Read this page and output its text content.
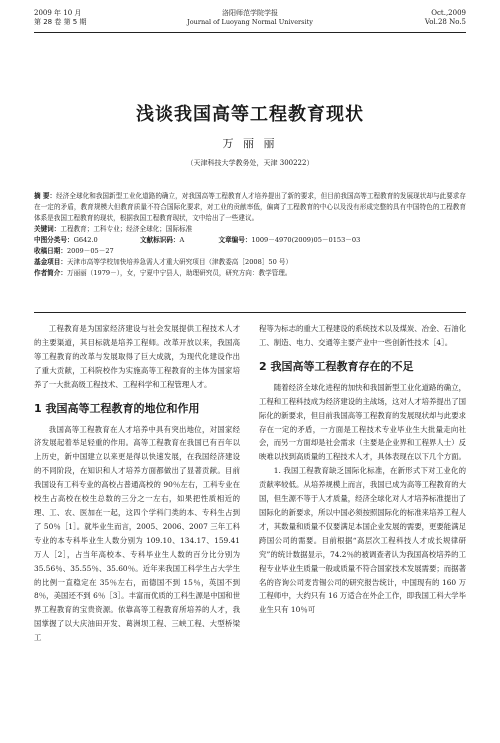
2009 年 10 月
第 28 卷 第 5 期
洛阳师范学院学报
Journal of Luoyang Normal University
Oct.,2009
Vol.28 No.5
浅谈我国高等工程教育现状
万 丽 丽
（天津科技大学教务处，天津 300222）

摘 要：经济全球化和我国新型工业化道路的确立，对我国高等工程教育人才培养提出了新的要求，但目前我国高等工程教育的发展现状却与此要求存在一定的矛盾，教育规模大但教育质量不符合国际化要求，对工业的贡献率低，偏离了工程教育的中心以及没有形成完整的具有中国特色的工程教育体系是我国工程教育的现状，根据我国工程教育现状，文中给出了一些建议。

关键词：工程教育；工科专业；经济全球化；国际标准

中图分类号：G642.0	文献标识码：A	文章编号：1009－4970(2009)05－0153－03

收稿日期：2009－05－27

基金项目：天津市高等学校加快培养急需人才重大研究项目（津教委高［2008］50 号）

作者简介：万丽丽（1979－），女，宁夏中宁县人，助理研究员，研究方向：教学管理。

工程教育是为国家经济建设与社会发展提供工程技术人才的主要渠道，其目标就是培养工程师。改革开放以来，我国高等工程教育的改革与发展取得了巨大成就，为现代化建设作出了重大贡献，工科院校作为实施高等工程教育的主体为国家培养了一大批高级工程技术、工程科学和工程管理人才。

1 我国高等工程教育的地位和作用

我国高等工程教育在人才培养中具有突出地位，对国家经济发展起着举足轻重的作用。高等工程教育在我国已有百年以上历史，新中国建立以来更是得以快速发展，在我国经济建设的不同阶段，在知识和人才培养方面都做出了显著贡献。目前我国设有工科专业的高校占普通高校的 90％左右，工科专业在校生占高校在校生总数的三分之一左右，如果把性质相近的理、工、农、医加在一起，这四个学科门类的本、专科生占到了 50％［1］。就毕业生而言，2005、2006、2007 三年工科专业的本专科毕业生人数分别为 109.10、134.17、159.41 万人［2］，占当年高校本、专科毕业生人数的百分比分别为 35.56％、35.55％、35.60％。近年来我国工科学生占大学生的比例一直稳定在 35％左右，而德国不到 15％，英国不到 8％，美国还不到 6％［3］。丰富而优质的工科生源是中国和世界工程教育的宝贵资源。依靠高等工程教育所培养的人才，我国掌握了以大庆油田开发、葛洲坝工程、三峡工程、大型桥梁工

程等为标志的重大工程建设的系统技术以及煤炭、冶金、石油化工、制造、电力、交通等主要产业中一些创新性技术［4］。

2 我国高等工程教育存在的不足

随着经济全球化进程的加快和我国新型工业化道路的确立，工程和工程科技成为经济建设的主战场，这对人才培养提出了国际化的新要求，但目前我国高等工程教育的发展现状却与此要求存在一定的矛盾，一方面是工程技术专业毕业生大批量走向社会，而另一方面却是社会需求（主要是企业界和工程界人士）反映难以找到高质量的工程技术人才，具体表现在以下几个方面。

1. 我国工程教育缺乏国际化标准，在新形式下对工业化的贡献率较低。从培养规模上而言，我国已成为高等工程教育的大国，但生源不等于人才质量，经济全球化对人才培养标准提出了国际化的新要求，所以中国必须按照国际化的标准来培养工程人才，其数量和质量不仅要满足本国企业发展的需要，更要能满足跨国公司的需要。目前根据“高层次工程科技人才成长规律研究”的统计数据显示，74.2％的被调查者认为我国高校培养的工程专业毕业生质量一般或质量不符合国家技术发展需要；而据著名的咨询公司麦肯锡公司的研究报告统计，中国现有的 160 万工程师中，大约只有 16 万适合在外企工作，即我国工科大学毕业生只有 10％可
